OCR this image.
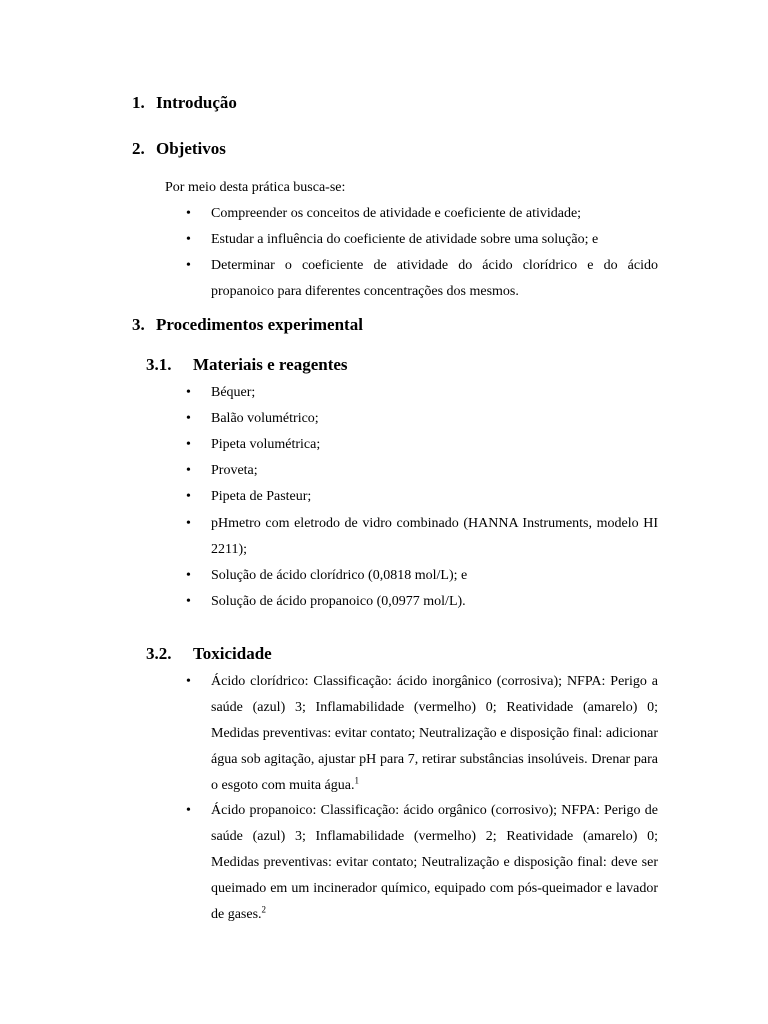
1. Introdução
2. Objetivos
Por meio desta prática busca-se:
• Compreender os conceitos de atividade e coeficiente de atividade;
• Estudar a influência do coeficiente de atividade sobre uma solução; e
• Determinar o coeficiente de atividade do ácido clorídrico e do ácido propanoico para diferentes concentrações dos mesmos.
3. Procedimentos experimental
3.1. Materiais e reagentes
• Béquer;
• Balão volumétrico;
• Pipeta volumétrica;
• Proveta;
• Pipeta de Pasteur;
• pHmetro com eletrodo de vidro combinado (HANNA Instruments, modelo HI 2211);
• Solução de ácido clorídrico (0,0818 mol/L); e
• Solução de ácido propanoico (0,0977 mol/L).
3.2. Toxicidade
• Ácido clorídrico: Classificação: ácido inorgânico (corrosiva); NFPA: Perigo a saúde (azul) 3; Inflamabilidade (vermelho) 0; Reatividade (amarelo) 0; Medidas preventivas: evitar contato; Neutralização e disposição final: adicionar água sob agitação, ajustar pH para 7, retirar substâncias insolúveis. Drenar para o esgoto com muita água.$^1$
• Ácido propanoico: Classificação: ácido orgânico (corrosivo); NFPA: Perigo de saúde (azul) 3; Inflamabilidade (vermelho) 2; Reatividade (amarelo) 0; Medidas preventivas: evitar contato; Neutralização e disposição final: deve ser queimado em um incinerador químico, equipado com pós-queimador e lavador de gases.$^2$
